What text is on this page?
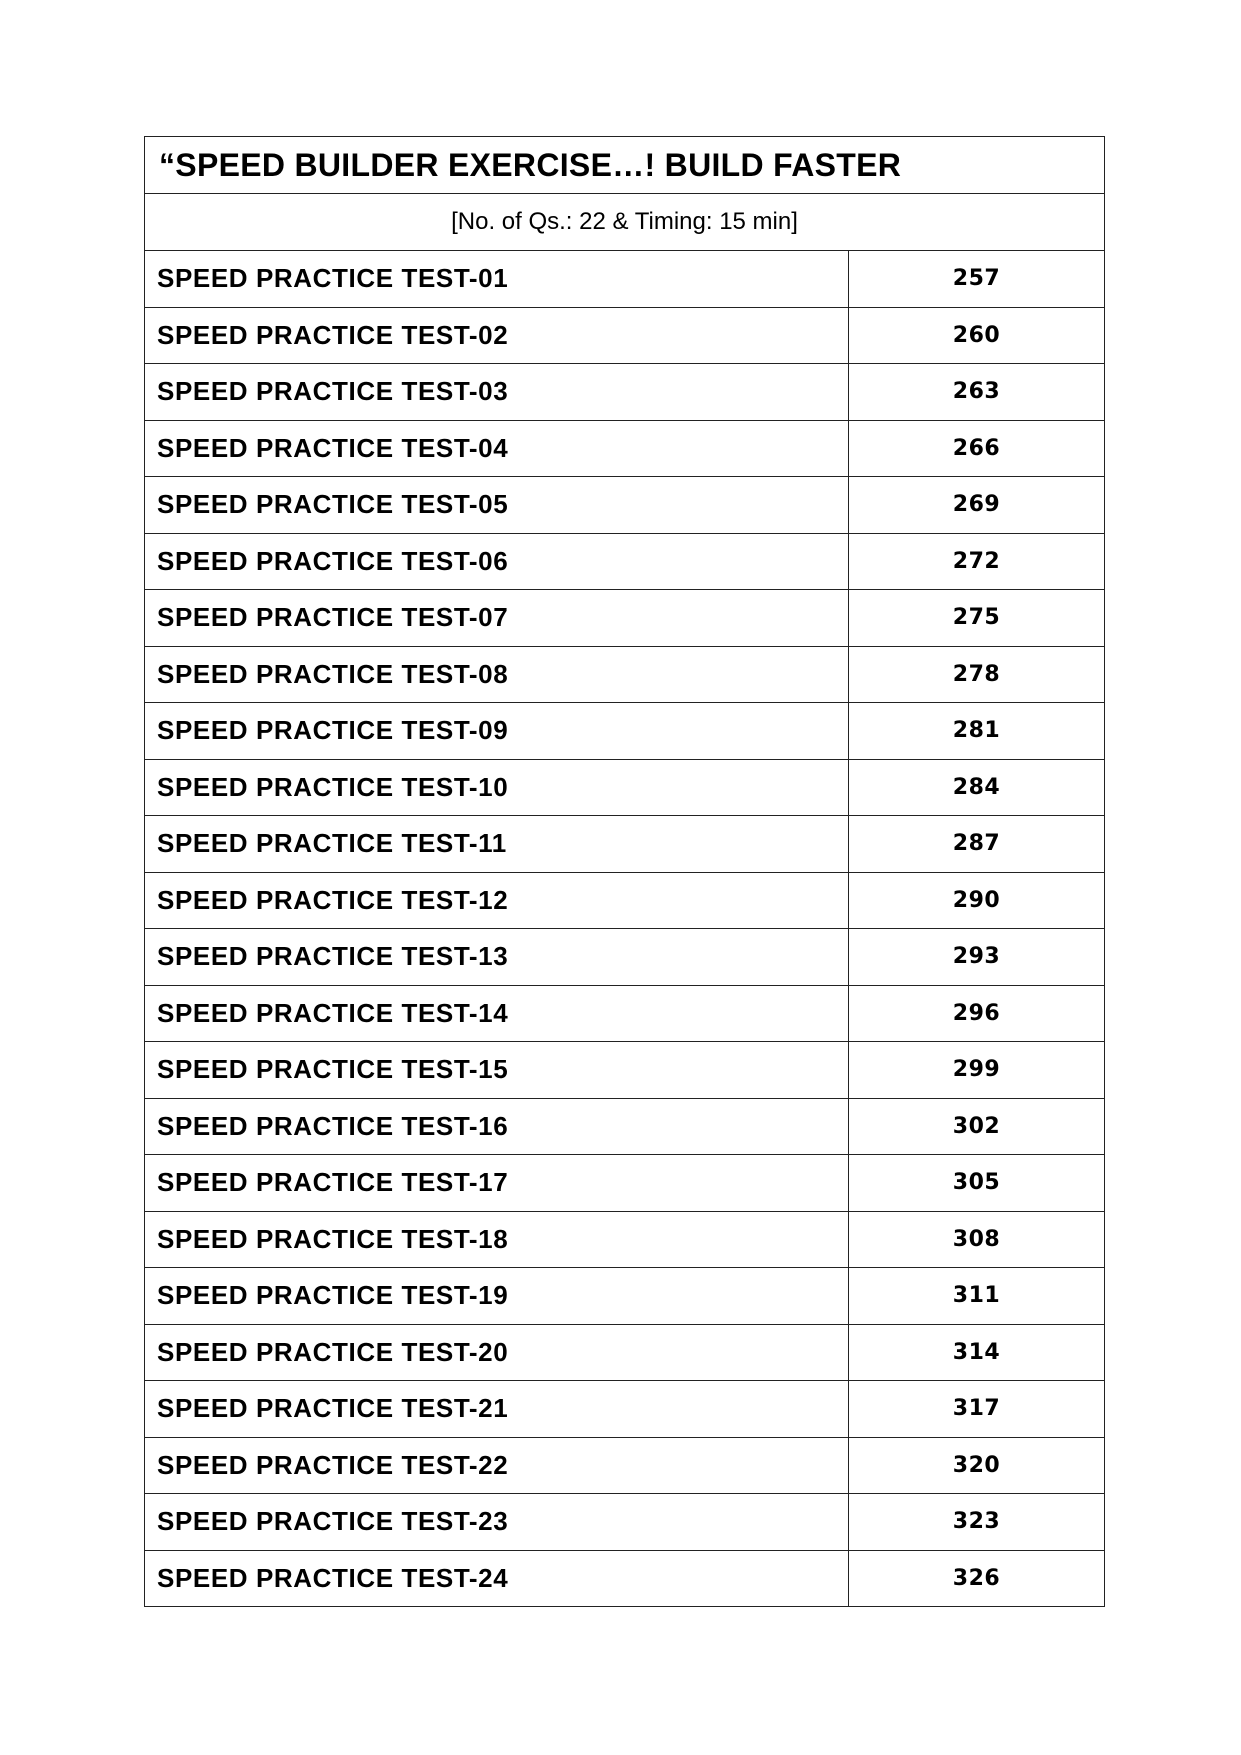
“SPEED BUILDER EXERCISE…! BUILD FASTER	
[No. of Qs.: 22 & Timing: 15 min]	
SPEED PRACTICE TEST-01	257
SPEED PRACTICE TEST-02	260
SPEED PRACTICE TEST-03	263
SPEED PRACTICE TEST-04	266
SPEED PRACTICE TEST-05	269
SPEED PRACTICE TEST-06	272
SPEED PRACTICE TEST-07	275
SPEED PRACTICE TEST-08	278
SPEED PRACTICE TEST-09	281
SPEED PRACTICE TEST-10	284
SPEED PRACTICE TEST-11	287
SPEED PRACTICE TEST-12	290
SPEED PRACTICE TEST-13	293
SPEED PRACTICE TEST-14	296
SPEED PRACTICE TEST-15	299
SPEED PRACTICE TEST-16	302
SPEED PRACTICE TEST-17	305
SPEED PRACTICE TEST-18	308
SPEED PRACTICE TEST-19	311
SPEED PRACTICE TEST-20	314
SPEED PRACTICE TEST-21	317
SPEED PRACTICE TEST-22	320
SPEED PRACTICE TEST-23	323
SPEED PRACTICE TEST-24	326
